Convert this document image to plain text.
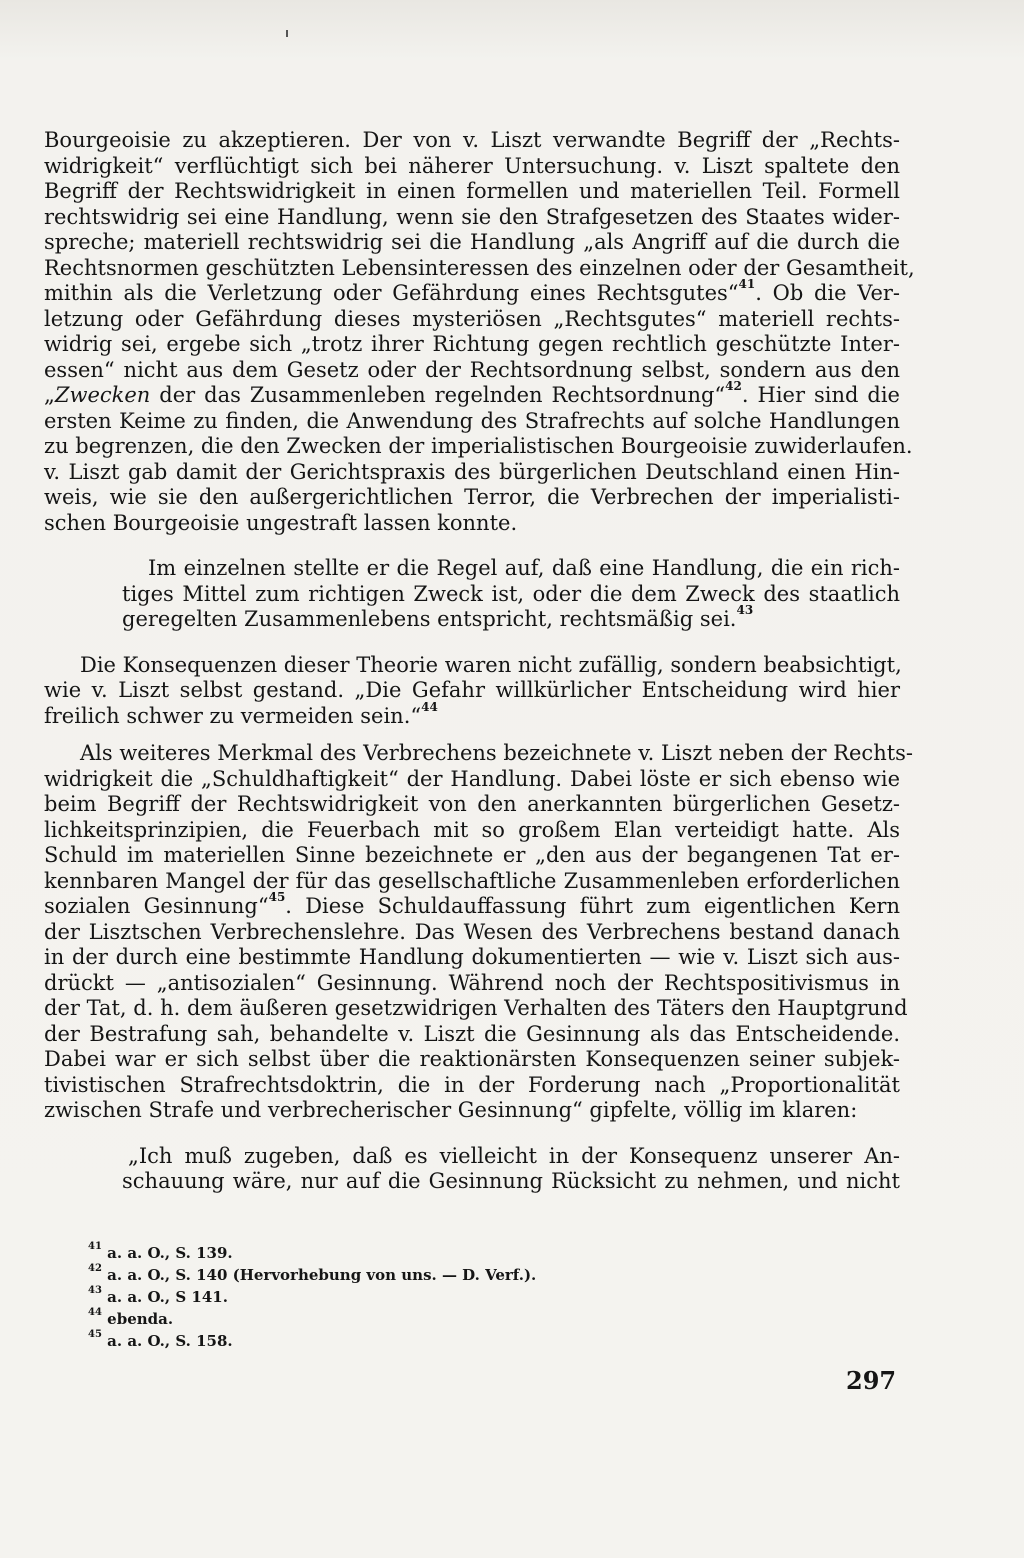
Bourgeoisie zu akzeptieren. Der von v. Liszt verwandte Begriff der „Rechts-
widrigkeit“ verflüchtigt sich bei näherer Untersuchung. v. Liszt spaltete den
Begriff der Rechtswidrigkeit in einen formellen und materiellen Teil. Formell
rechtswidrig sei eine Handlung, wenn sie den Strafgesetzen des Staates wider-
spreche; materiell rechtswidrig sei die Handlung „als Angriff auf die durch die
Rechtsnormen geschützten Lebensinteressen des einzelnen oder der Gesamtheit,
mithin als die Verletzung oder Gefährdung eines Rechtsgutes“$^{41}$. Ob die Ver-
letzung oder Gefährdung dieses mysteriösen „Rechtsgutes“ materiell rechts-
widrig sei, ergebe sich „trotz ihrer Richtung gegen rechtlich geschützte Inter-
essen“ nicht aus dem Gesetz oder der Rechtsordnung selbst, sondern aus den
„Zwecken der das Zusammenleben regelnden Rechtsordnung“$^{42}$. Hier sind die
ersten Keime zu finden, die Anwendung des Strafrechts auf solche Handlungen
zu begrenzen, die den Zwecken der imperialistischen Bourgeoisie zuwiderlaufen.
v. Liszt gab damit der Gerichtspraxis des bürgerlichen Deutschland einen Hin-
weis, wie sie den außergerichtlichen Terror, die Verbrechen der imperialisti-
schen Bourgeoisie ungestraft lassen konnte.
Im einzelnen stellte er die Regel auf, daß eine Handlung, die ein rich-
tiges Mittel zum richtigen Zweck ist, oder die dem Zweck des staatlich
geregelten Zusammenlebens entspricht, rechtsmäßig sei.$^{43}$
Die Konsequenzen dieser Theorie waren nicht zufällig, sondern beabsichtigt,
wie v. Liszt selbst gestand. „Die Gefahr willkürlicher Entscheidung wird hier
freilich schwer zu vermeiden sein.“$^{44}$
Als weiteres Merkmal des Verbrechens bezeichnete v. Liszt neben der Rechts-
widrigkeit die „Schuldhaftigkeit“ der Handlung. Dabei löste er sich ebenso wie
beim Begriff der Rechtswidrigkeit von den anerkannten bürgerlichen Gesetz-
lichkeitsprinzipien, die Feuerbach mit so großem Elan verteidigt hatte. Als
Schuld im materiellen Sinne bezeichnete er „den aus der begangenen Tat er-
kennbaren Mangel der für das gesellschaftliche Zusammenleben erforderlichen
sozialen Gesinnung“$^{45}$. Diese Schuldauffassung führt zum eigentlichen Kern
der Lisztschen Verbrechenslehre. Das Wesen des Verbrechens bestand danach
in der durch eine bestimmte Handlung dokumentierten — wie v. Liszt sich aus-
drückt — „antisozialen“ Gesinnung. Während noch der Rechtspositivismus in
der Tat, d. h. dem äußeren gesetzwidrigen Verhalten des Täters den Hauptgrund
der Bestrafung sah, behandelte v. Liszt die Gesinnung als das Entscheidende.
Dabei war er sich selbst über die reaktionärsten Konsequenzen seiner subjek-
tivistischen Strafrechtsdoktrin, die in der Forderung nach „Proportionalität
zwischen Strafe und verbrecherischer Gesinnung“ gipfelte, völlig im klaren:
„Ich muß zugeben, daß es vielleicht in der Konsequenz unserer An-
schauung wäre, nur auf die Gesinnung Rücksicht zu nehmen, und nicht
$^{41}$ a. a. O., S. 139.
$^{42}$ a. a. O., S. 140 (Hervorhebung von uns. — D. Verf.).
$^{43}$ a. a. O., S 141.
$^{44}$ ebenda.
$^{45}$ a. a. O., S. 158.
297
